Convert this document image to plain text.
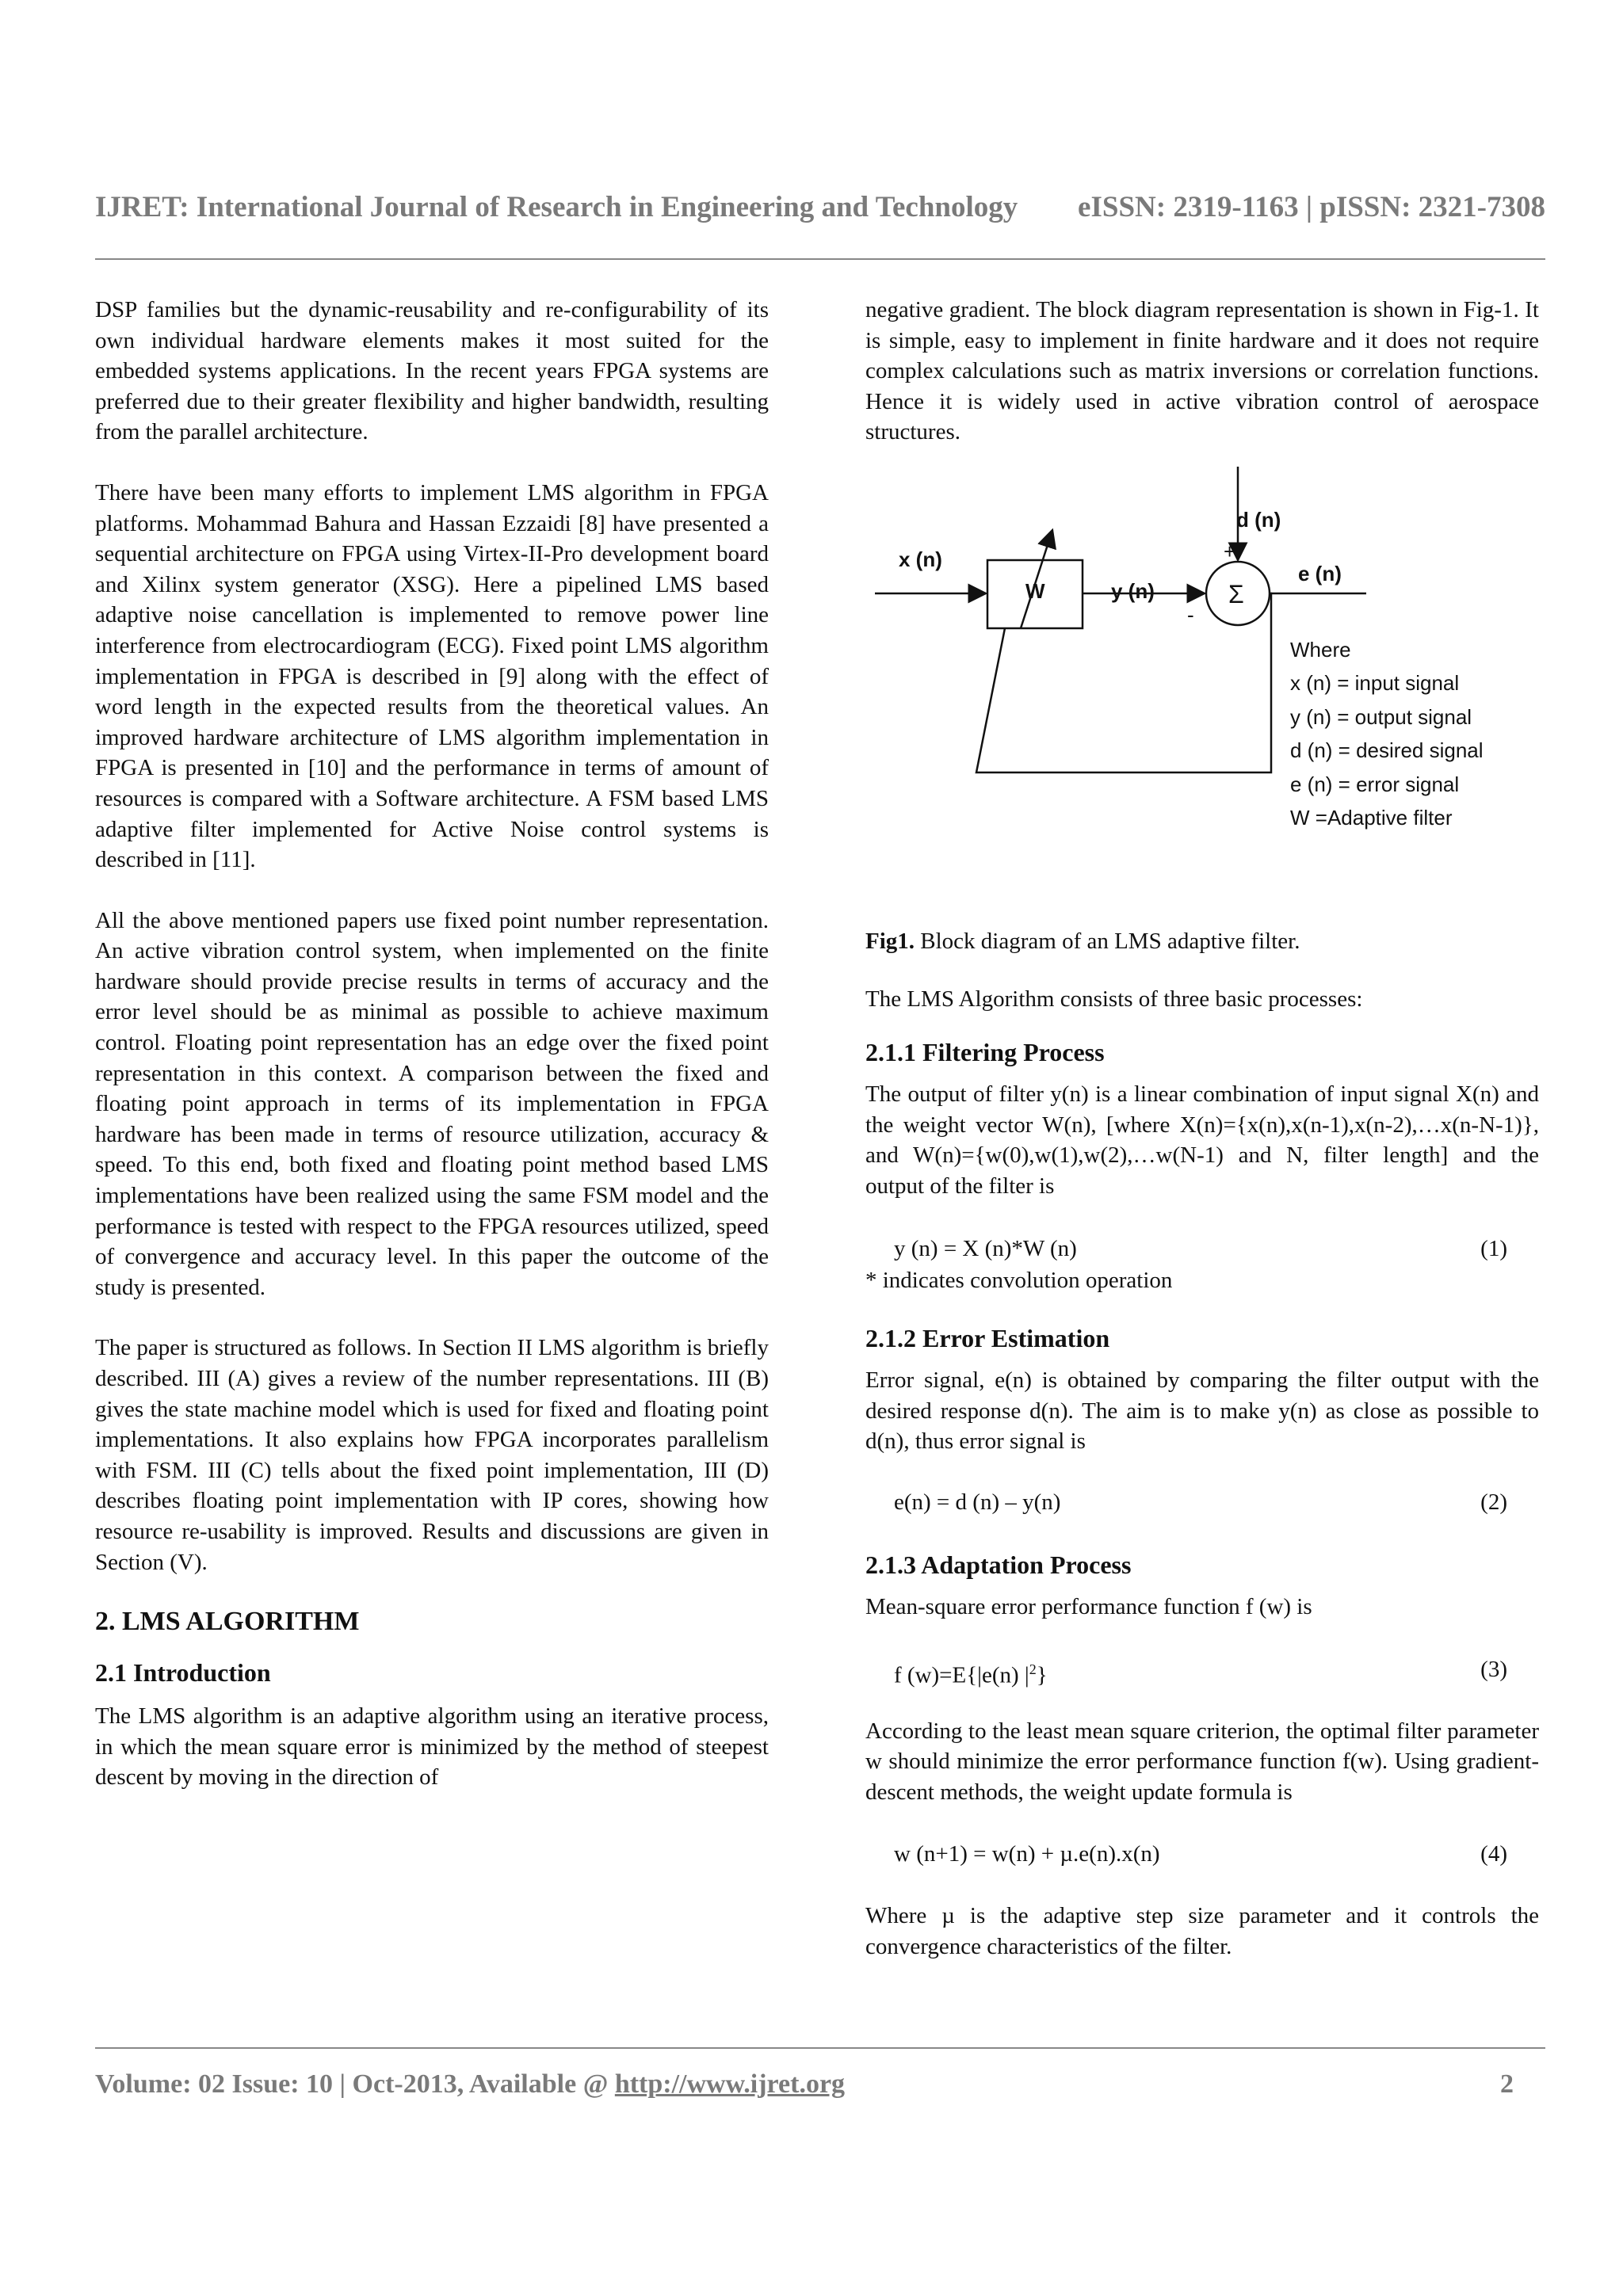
IJRET: International Journal of Research in Engineering and Technology eISSN: 2319-1163 | pISSN: 2321-7308

DSP families but the dynamic-reusability and re-configurability of its own individual hardware elements makes it most suited for the embedded systems applications. In the recent years FPGA systems are preferred due to their greater flexibility and higher bandwidth, resulting from the parallel architecture.

There have been many efforts to implement LMS algorithm in FPGA platforms. Mohammad Bahura and Hassan Ezzaidi [8] have presented a sequential architecture on FPGA using Virtex-II-Pro development board and Xilinx system generator (XSG). Here a pipelined LMS based adaptive noise cancellation is implemented to remove power line interference from electrocardiogram (ECG). Fixed point LMS algorithm implementation in FPGA is described in [9] along with the effect of word length in the expected results from the theoretical values. An improved hardware architecture of LMS algorithm implementation in FPGA is presented in [10] and the performance in terms of amount of resources is compared with a Software architecture. A FSM based LMS adaptive filter implemented for Active Noise control systems is described in [11].

All the above mentioned papers use fixed point number representation. An active vibration control system, when implemented on the finite hardware should provide precise results in terms of accuracy and the error level should be as minimal as possible to achieve maximum control. Floating point representation has an edge over the fixed point representation in this context. A comparison between the fixed and floating point approach in terms of its implementation in FPGA hardware has been made in terms of resource utilization, accuracy & speed. To this end, both fixed and floating point method based LMS implementations have been realized using the same FSM model and the performance is tested with respect to the FPGA resources utilized, speed of convergence and accuracy level. In this paper the outcome of the study is presented.

The paper is structured as follows. In Section II LMS algorithm is briefly described. III (A) gives a review of the number representations. III (B) gives the state machine model which is used for fixed and floating point implementations. It also explains how FPGA incorporates parallelism with FSM. III (C) tells about the fixed point implementation, III (D) describes floating point implementation with IP cores, showing how resource re-usability is improved. Results and discussions are given in Section (V).

2. LMS ALGORITHM
2.1 Introduction

The LMS algorithm is an adaptive algorithm using an iterative process, in which the mean square error is minimized by the method of steepest descent by moving in the direction of

negative gradient. The block diagram representation is shown in Fig-1. It is simple, easy to implement in finite hardware and it does not require complex calculations such as matrix inversions or correlation functions. Hence it is widely used in active vibration control of aerospace structures.

x (n)
W	y (n)
d (n)
e (n)
+
-
Σ
Where
x (n) = input signal
y (n) = output signal
d (n) = desired signal
e (n) = error signal
W =Adaptive filter

Fig1. Block diagram of an LMS adaptive filter.

The LMS Algorithm consists of three basic processes:

2.1.1 Filtering Process

The output of filter y(n) is a linear combination of input signal X(n) and the weight vector W(n), [where X(n)={x(n),x(n-1),x(n-2),…x(n-N-1)}, and W(n)={w(0),w(1),w(2),…w(N-1) and N, filter length] and the output of the filter is

y (n) = X (n)*W (n)	(1)

* indicates convolution operation

2.1.2 Error Estimation

Error signal, e(n) is obtained by comparing the filter output with the desired response d(n). The aim is to make y(n) as close as possible to d(n), thus error signal is

e(n) = d (n) – y(n)	(2)
2.1.3 Adaptation Process

Mean-square error performance function f (w) is

f (w)=E{|e(n) $|^2$}	(3)

According to the least mean square criterion, the optimal filter parameter w should minimize the error performance function f(w). Using gradient-descent methods, the weight update formula is

w (n+1) = w(n) + µ.e(n).x(n)	(4)

Where µ is the adaptive step size parameter and it controls the convergence characteristics of the filter.

Volume: 02 Issue: 10 | Oct-2013, Available @ http://www.ijret.org	2
